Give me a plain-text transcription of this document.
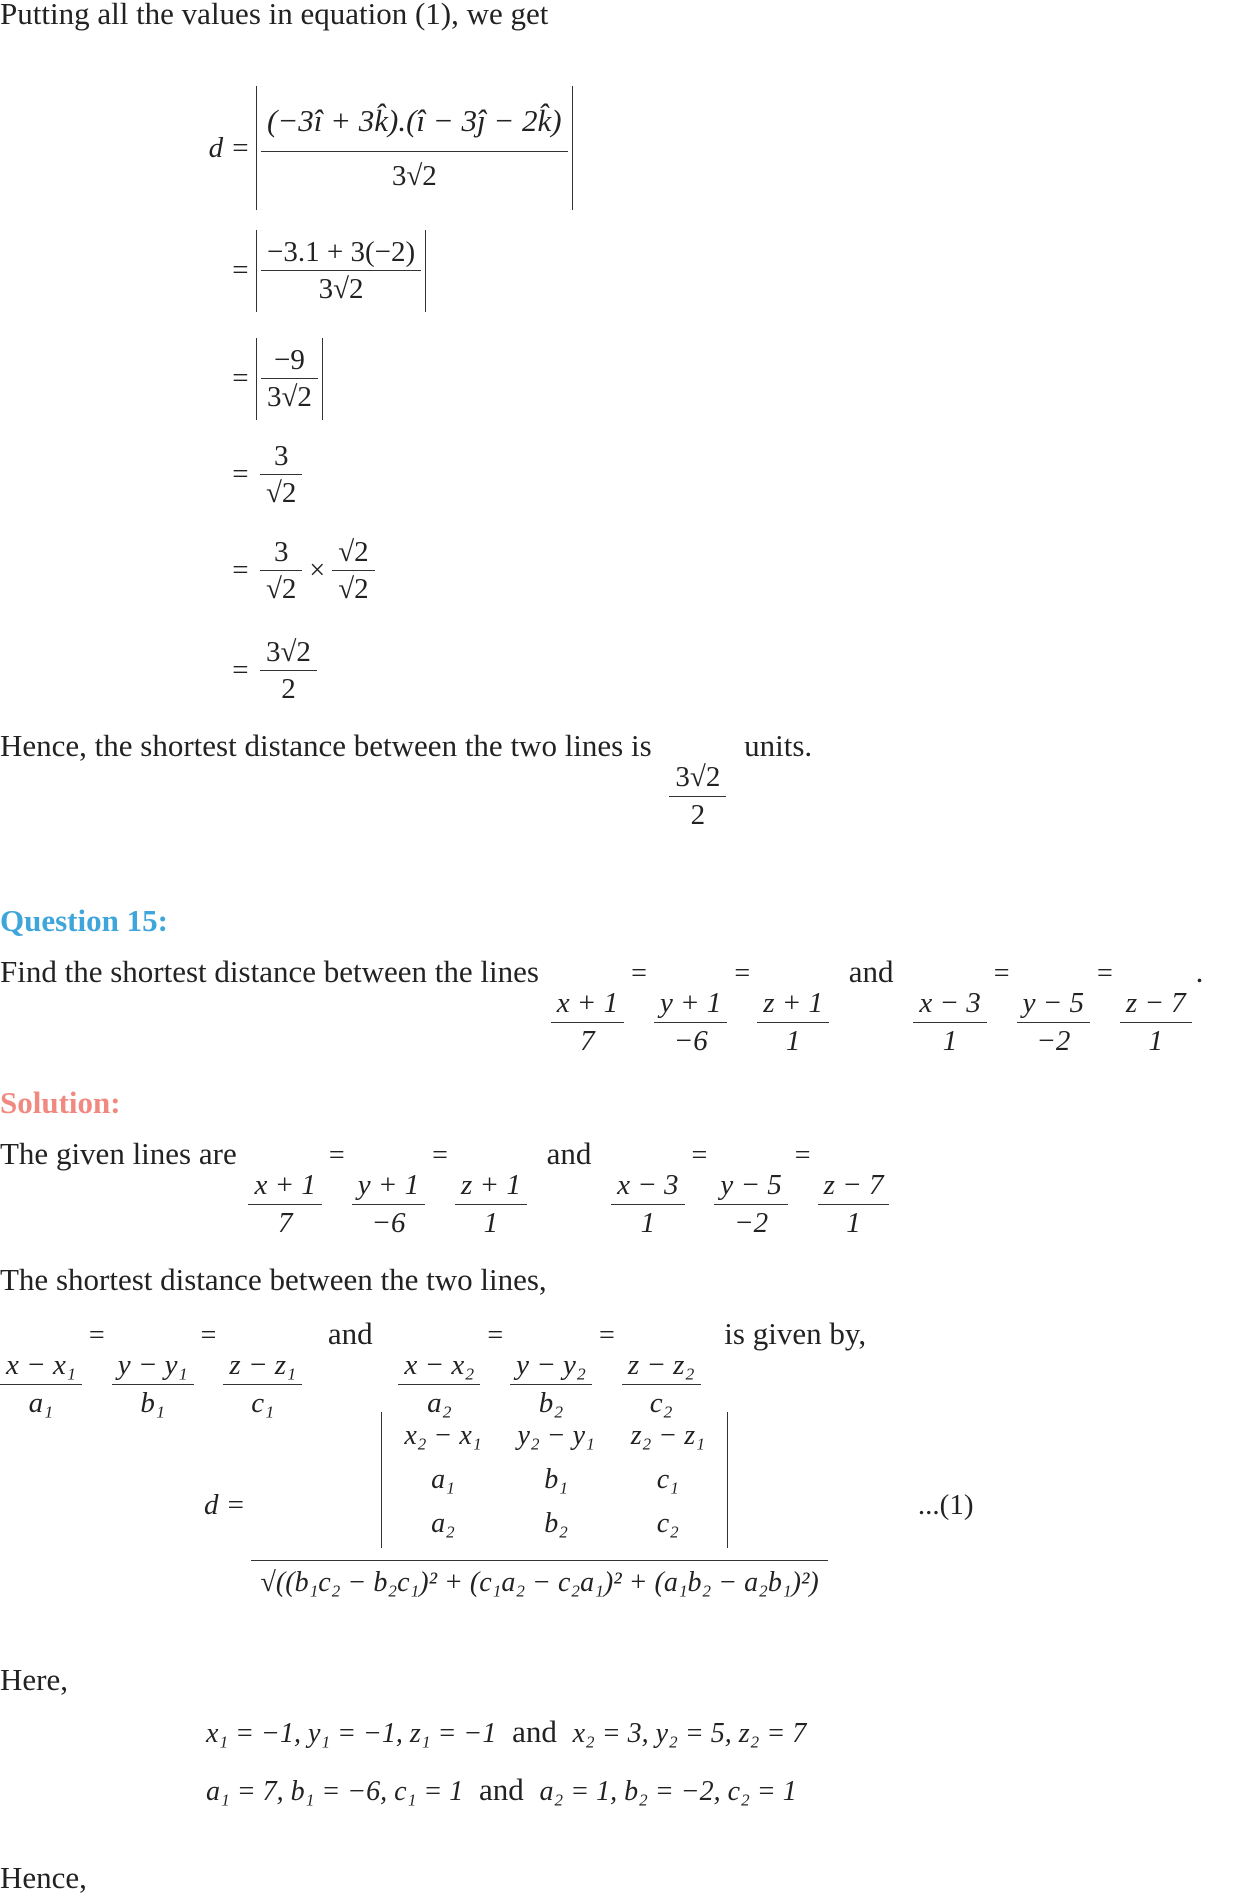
Putting all the values in equation (1), we get
$d = \frac{(-3î + 3k̂).(î - 3ĵ - 2k̂)}{3√2}$
= $\frac{-3.1 + 3(-2)}{3√2}$
= $\frac{-9}{3√2}$
= $\frac{3}{√2}$
= $\frac{3}{√2} \times \frac{√2}{√2}$
= $\frac{3√2}{2}$
Hence, the shortest distance between the two lines is
$\frac{3√2}{2}$
units.
Question 15:
Find the shortest distance between the lines
$\frac{x + 1}{7}$
=
$\frac{y + 1}{-6}$
=
$\frac{z + 1}{1}$
and
$\frac{x - 3}{1}$
=
$\frac{y - 5}{-2}$
=
$\frac{z - 7}{1}$
.
Solution:
The given lines are
$\frac{x + 1}{7}$
=
$\frac{y + 1}{-6}$
=
$\frac{z + 1}{1}$
and
$\frac{x - 3}{1}$
=
$\frac{y - 5}{-2}$
=
$\frac{z - 7}{1}$
The shortest distance between the two lines,
$\frac{\text{x − x₁}}{\text{a₁}}$
=
$\frac{\text{y − y₁}}{\text{b₁}}$
=
$\frac{\text{z − z₁}}{\text{c₁}}$
and
$\frac{\text{x − x₂}}{\text{a₂}}$
=
$\frac{\text{y − y₂}}{\text{b₂}}$
=
$\frac{\text{z − z₂}}{\text{c₂}}$
is given by,
d = x₂ − x₁	y₂ − y₁	z₂ − z₁
a₁	b₁	c₁
a₂	b₂	c₂
√((b₁c₂ − b₂c₁)² + (c₁a₂ − c₂a₁)² + (a₁b₂ − a₂b₁)²)	...(1)
Here,
x₁ = −1, y₁ = −1, z₁ = −1 and x₂ = 3, y₂ = 5, z₂ = 7
a₁ = 7, b₁ = −6, c₁ = 1 and a₂ = 1, b₂ = −2, c₂ = 1
Hence,
